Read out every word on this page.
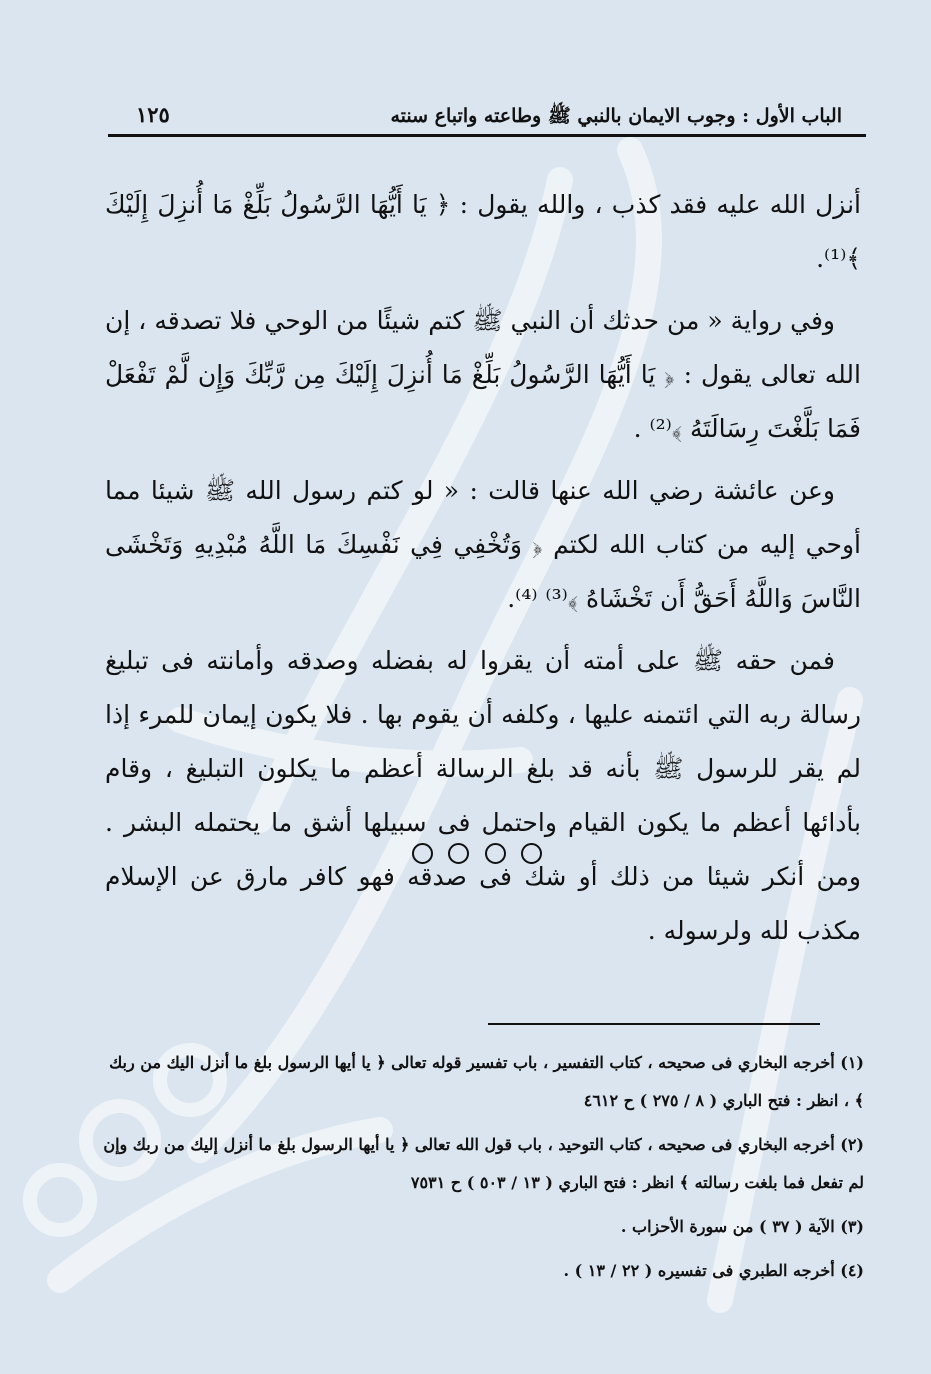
الباب الأول : وجوب الايمان بالنبي ﷺ وطاعته واتباع سنته
١٢٥

أنزل الله عليه فقد كذب ، والله يقول : ﴿ يَا أَيُّهَا الرَّسُولُ بَلِّغْ مَا أُنزِلَ إِلَيْكَ ﴾⁽¹⁾.

وفي رواية « من حدثك أن النبي ﷺ كتم شيئًا من الوحي فلا تصدقه ، إن الله تعالى يقول : ﴿ يَا أَيُّهَا الرَّسُولُ بَلِّغْ مَا أُنزِلَ إِلَيْكَ مِن رَّبِّكَ وَإِن لَّمْ تَفْعَلْ فَمَا بَلَّغْتَ رِسَالَتَهُ ﴾⁽²⁾ .

وعن عائشة رضي الله عنها قالت : « لو كتم رسول الله ﷺ شيئا مما أوحي إليه من كتاب الله لكتم ﴿ وَتُخْفِي فِي نَفْسِكَ مَا اللَّهُ مُبْدِيهِ وَتَخْشَى النَّاسَ وَاللَّهُ أَحَقُّ أَن تَخْشَاهُ ﴾⁽³⁾ ⁽⁴⁾.

فمن حقه ﷺ على أمته أن يقروا له بفضله وصدقه وأمانته فى تبليغ رسالة ربه التي ائتمنه عليها ، وكلفه أن يقوم بها . فلا يكون إيمان للمرء إذا لم يقر للرسول ﷺ بأنه قد بلغ الرسالة أعظم ما يكلون التبليغ ، وقام بأدائها أعظم ما يكون القيام واحتمل فى سبيلها أشق ما يحتمله البشر . ومن أنكر شيئا من ذلك أو شك فى صدقه فهو كافر مارق عن الإسلام مكذب لله ولرسوله .

(١) أخرجه البخاري فى صحيحه ، كتاب التفسير ، باب تفسير قوله تعالى ﴿ يا أيها الرسول بلغ ما أنزل اليك من ربك ﴾ ، انظر : فتح الباري ( ٨ / ٢٧٥ ) ح ٤٦١٢

(٢) أخرجه البخاري فى صحيحه ، كتاب التوحيد ، باب قول الله تعالى ﴿ يا أيها الرسول بلغ ما أنزل إليك من ربك وإن لم تفعل فما بلغت رسالته ﴾ انظر : فتح الباري ( ١٣ / ٥٠٣ ) ح ٧٥٣١

(٣) الآية ( ٣٧ ) من سورة الأحزاب .

(٤) أخرجه الطبري فى تفسيره ( ٢٢ / ١٣ ) .
